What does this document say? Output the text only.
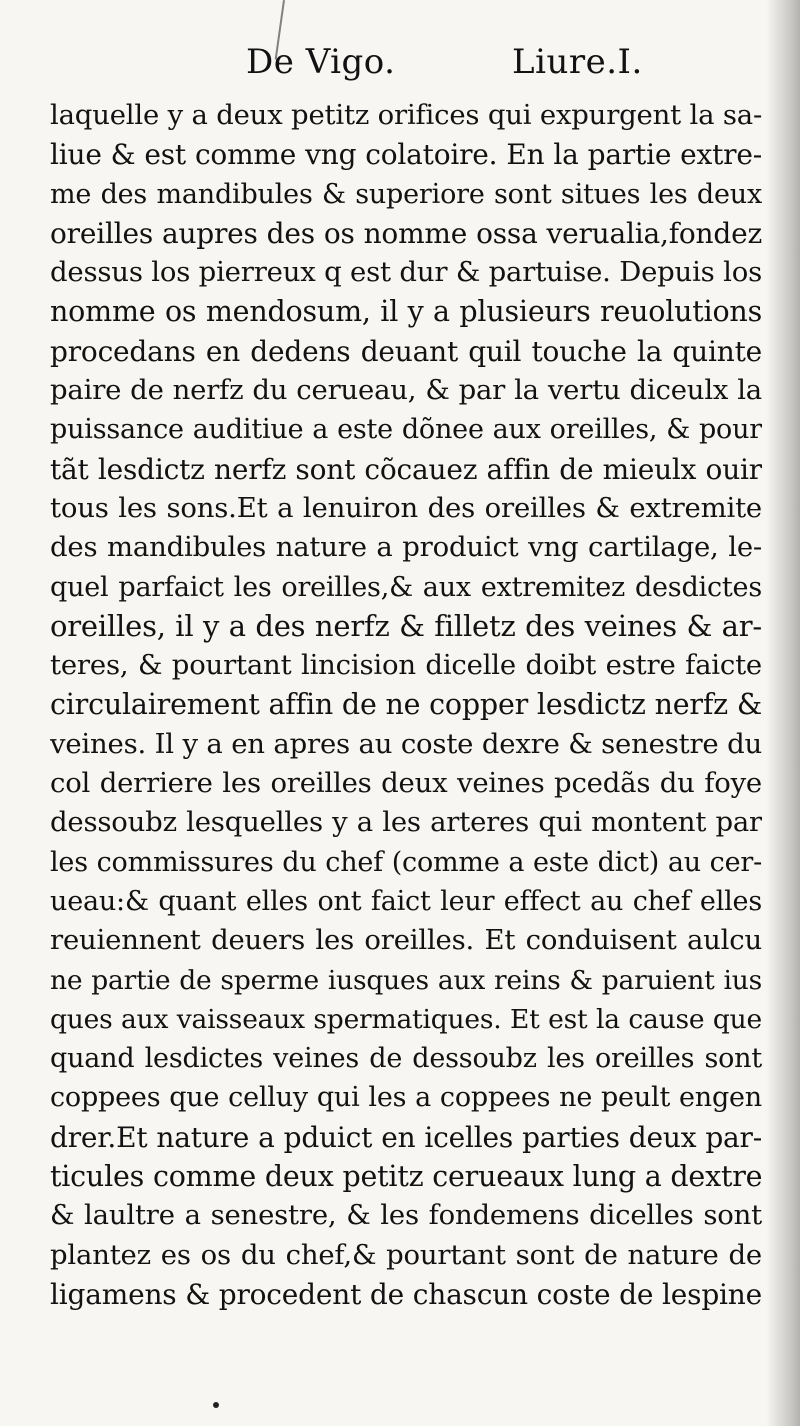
De Vigo.	Liure.I.
laquelle y a deux petitz orifices qui expurgent la sa-
liue & est comme vng colatoire. En la partie extre-
me des mandibules & superiore sont situes les deux
oreilles aupres des os nomme ossa verualia,fondez
dessus los pierreux q est dur & partuise. Depuis los
nomme os mendosum, il y a plusieurs reuolutions
procedans en dedens deuant quil touche la quinte
paire de nerfz du cerueau, & par la vertu diceulx la
puissance auditiue a este dõnee aux oreilles, & pour
tãt lesdictz nerfz sont cõcauez affin de mieulx ouir
tous les sons.Et a lenuiron des oreilles & extremite
des mandibules nature a produict vng cartilage, le-
quel parfaict les oreilles,& aux extremitez desdictes
oreilles, il y a des nerfz & filletz des veines & ar-
teres, & pourtant lincision dicelle doibt estre faicte
circulairement affin de ne copper lesdictz nerfz &
veines. Il y a en apres au coste dexre & senestre du
col derriere les oreilles deux veines pcedãs du foye
dessoubz lesquelles y a les arteres qui montent par
les commissures du chef (comme a este dict) au cer-
ueau:& quant elles ont faict leur effect au chef elles
reuiennent deuers les oreilles. Et conduisent aulcu
ne partie de sperme iusques aux reins & paruient ius
ques aux vaisseaux spermatiques. Et est la cause que
quand lesdictes veines de dessoubz les oreilles sont
coppees que celluy qui les a coppees ne peult engen
drer.Et nature a pduict en icelles parties deux par-
ticules comme deux petitz cerueaux lung a dextre
& laultre a senestre, & les fondemens dicelles sont
plantez es os du chef,& pourtant sont de nature de
ligamens & procedent de chascun coste de lespine
